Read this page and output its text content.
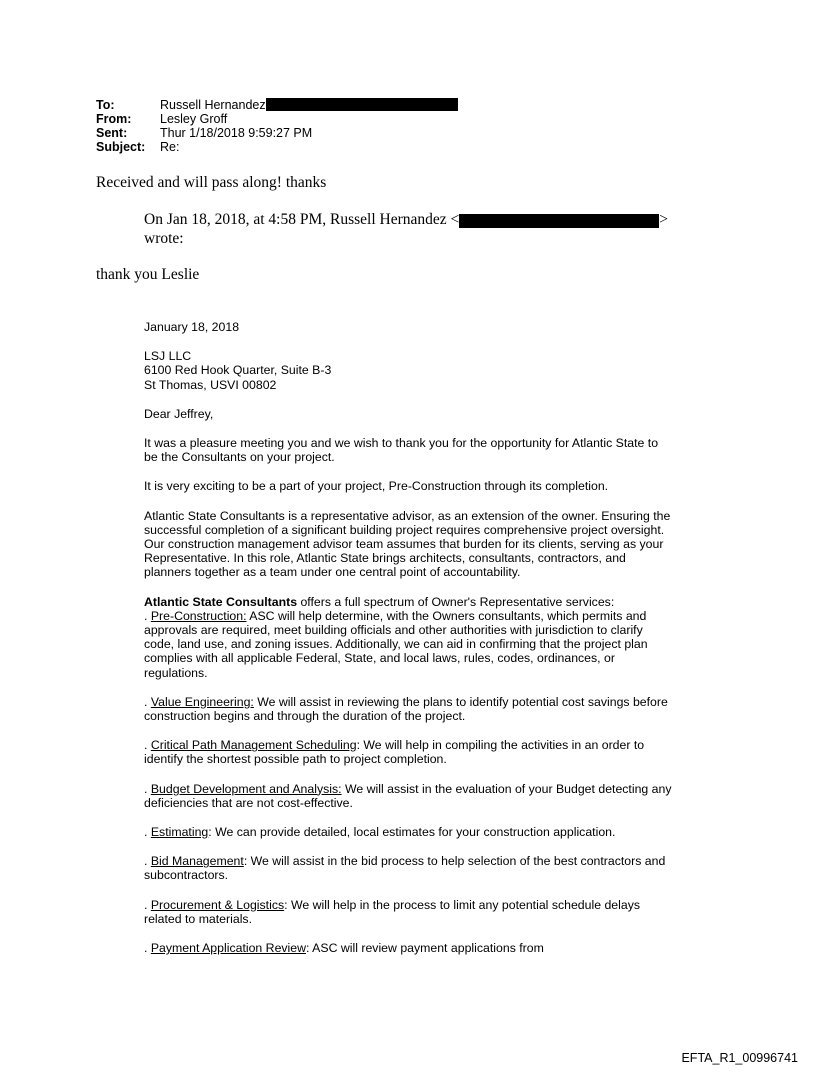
To:	Russell Hernandez
From: Lesley Groff
Sent:	Thur 1/18/2018 9:59:27 PM
Subject: Re:
Received and will pass along! thanks
On Jan 18, 2018, at 4:58 PM, Russell Hernandez <	>
wrote:
thank you Leslie

January 18, 2018

LSJ LLC
6100 Red Hook Quarter, Suite B-3
St Thomas, USVI 00802

Dear Jeffrey,

It was a pleasure meeting you and we wish to thank you for the opportunity for Atlantic State to be the Consultants on your project.

It is very exciting to be a part of your project, Pre-Construction through its completion.

Atlantic State Consultants is a representative advisor, as an extension of the owner. Ensuring the successful completion of a significant building project requires comprehensive project oversight. Our construction management advisor team assumes that burden for its clients, serving as your Representative. In this role, Atlantic State brings architects, consultants, contractors, and planners together as a team under one central point of accountability.

Atlantic State Consultants offers a full spectrum of Owner's Representative services:
. Pre-Construction: ASC will help determine, with the Owners consultants, which permits and approvals are required, meet building officials and other authorities with jurisdiction to clarify code, land use, and zoning issues. Additionally, we can aid in confirming that the project plan complies with all applicable Federal, State, and local laws, rules, codes, ordinances, or regulations.

. Value Engineering: We will assist in reviewing the plans to identify potential cost savings before construction begins and through the duration of the project.

. Critical Path Management Scheduling: We will help in compiling the activities in an order to identify the shortest possible path to project completion.

. Budget Development and Analysis: We will assist in the evaluation of your Budget detecting any deficiencies that are not cost-effective.

. Estimating: We can provide detailed, local estimates for your construction application.

. Bid Management: We will assist in the bid process to help selection of the best contractors and subcontractors.

. Procurement & Logistics: We will help in the process to limit any potential schedule delays related to materials.

. Payment Application Review: ASC will review payment applications from

EFTA_R1_00996741
